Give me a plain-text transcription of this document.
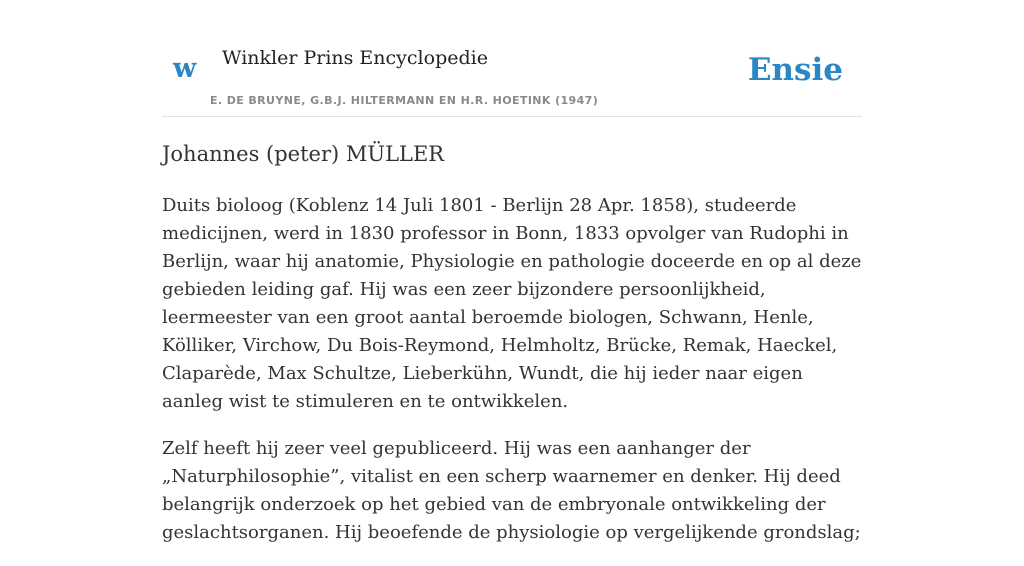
w Winkler Prins Encyclopedie
E. DE BRUYNE, G.B.J. HILTERMANN EN H.R. HOETINK (1947)
Ensie
Johannes (peter) MÜLLER

Duits bioloog (Koblenz 14 Juli 1801 - Berlijn 28 Apr. 1858), studeerde medicijnen, werd in 1830 professor in Bonn, 1833 opvolger van Rudophi in Berlijn, waar hij anatomie, Physiologie en pathologie doceerde en op al deze gebieden leiding gaf. Hij was een zeer bijzondere persoonlijkheid, leermeester van een groot aantal beroemde biologen, Schwann, Henle, Kölliker, Virchow, Du Bois-Reymond, Helmholtz, Brücke, Remak, Haeckel, Claparède, Max Schultze, Lieberkühn, Wundt, die hij ieder naar eigen aanleg wist te stimuleren en te ontwikkelen.

Zelf heeft hij zeer veel gepubliceerd. Hij was een aanhanger der „Naturphilosophie”, vitalist en een scherp waarnemer en denker. Hij deed belangrijk onderzoek op het gebied van de embryonale ontwikkeling der geslachtsorganen. Hij beoefende de physiologie op vergelijkende grondslag;
